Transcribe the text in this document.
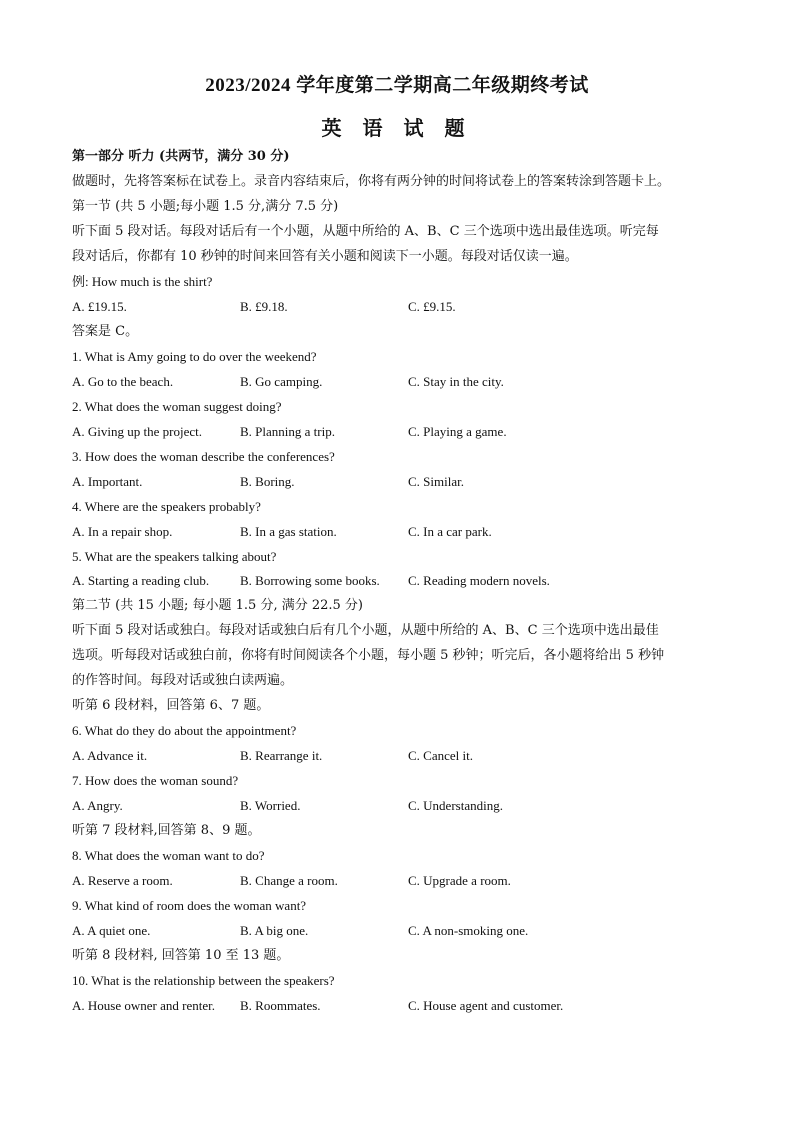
2023/2024 学年度第二学期高二年级期终考试
英 语 试 题
第一部分 听力 (共两节，满分 30 分)
做题时，先将答案标在试卷上。录音内容结束后，你将有两分钟的时间将试卷上的答案转涂到答题卡上。
第一节 (共 5 小题;每小题 1.5 分,满分 7.5 分)
听下面 5 段对话。每段对话后有一个小题，从题中所给的 A、B、C 三个选项中选出最佳选项。听完每
段对话后，你都有 10 秒钟的时间来回答有关小题和阅读下一小题。每段对话仅读一遍。
例: How much is the shirt?
A. £19.15.	B. £9.18.	C. £9.15.
答案是 C。
1. What is Amy going to do over the weekend?
A. Go to the beach.	B. Go camping.	C. Stay in the city.
2. What does the woman suggest doing?
A. Giving up the project.	B. Planning a trip.	C. Playing a game.
3. How does the woman describe the conferences?
A. Important.	B. Boring.	C. Similar.
4. Where are the speakers probably?
A. In a repair shop.	B. In a gas station.	C. In a car park.
5. What are the speakers talking about?
A. Starting a reading club. B. Borrowing some books. C. Reading modern novels.
第二节 (共 15 小题; 每小题 1.5 分, 满分 22.5 分)
听下面 5 段对话或独白。每段对话或独白后有几个小题，从题中所给的 A、B、C 三个选项中选出最佳
选项。听每段对话或独白前，你将有时间阅读各个小题，每小题 5 秒钟；听完后，各小题将给出 5 秒钟
的作答时间。每段对话或独白读两遍。
听第 6 段材料，回答第 6、7 题。
6. What do they do about the appointment?
A. Advance it.	B. Rearrange it.	C. Cancel it.
7. How does the woman sound?
A. Angry.	B. Worried.	C. Understanding.
听第 7 段材料,回答第 8、9 题。
8. What does the woman want to do?
A. Reserve a room.	B. Change a room.	C. Upgrade a room.
9. What kind of room does the woman want?
A. A quiet one.	B. A big one.	C. A non-smoking one.
听第 8 段材料, 回答第 10 至 13 题。
10. What is the relationship between the speakers?
A. House owner and renter. B. Roommates.	C. House agent and customer.
